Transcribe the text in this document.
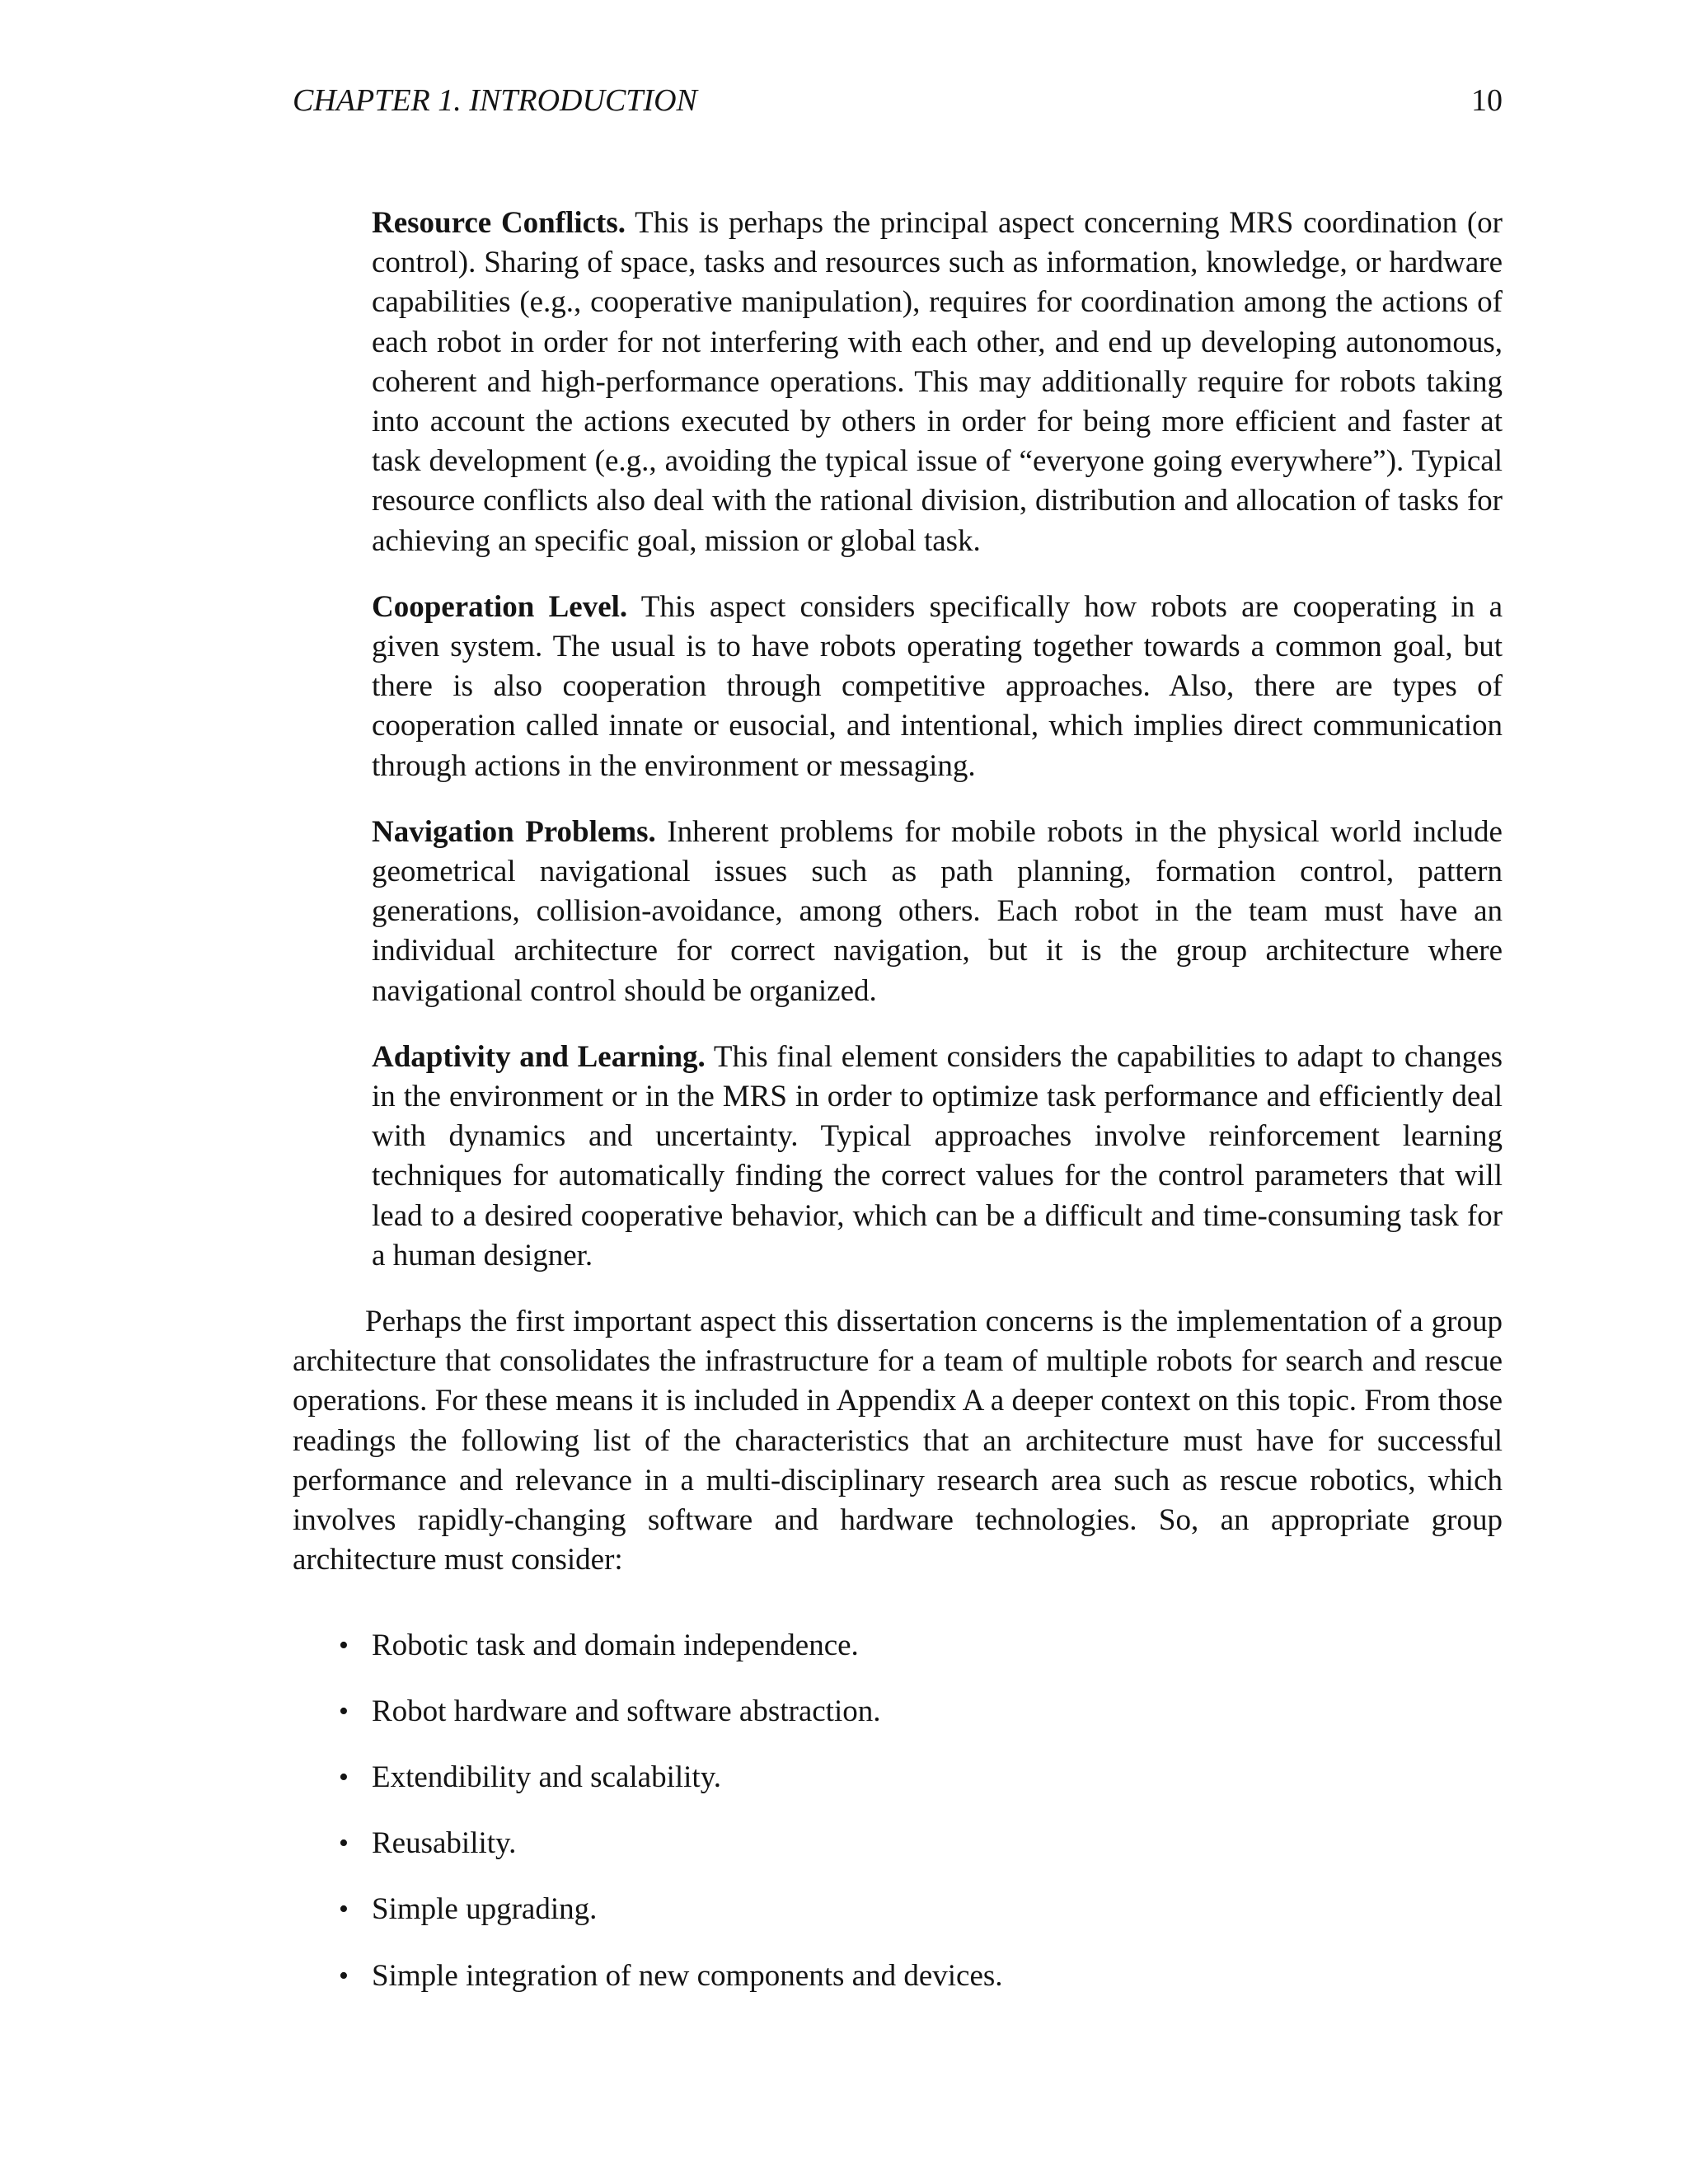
CHAPTER 1. INTRODUCTION	10
Resource Conflicts. This is perhaps the principal aspect concerning MRS coordination (or control). Sharing of space, tasks and resources such as information, knowledge, or hardware capabilities (e.g., cooperative manipulation), requires for coordination among the actions of each robot in order for not interfering with each other, and end up developing autonomous, coherent and high-performance operations. This may additionally require for robots taking into account the actions executed by others in order for being more efficient and faster at task development (e.g., avoiding the typical issue of “everyone going everywhere”). Typical resource conflicts also deal with the rational division, distribution and allocation of tasks for achieving an specific goal, mission or global task.
Cooperation Level. This aspect considers specifically how robots are cooperating in a given system. The usual is to have robots operating together towards a common goal, but there is also cooperation through competitive approaches. Also, there are types of cooperation called innate or eusocial, and intentional, which implies direct communication through actions in the environment or messaging.
Navigation Problems. Inherent problems for mobile robots in the physical world include geometrical navigational issues such as path planning, formation control, pattern generations, collision-avoidance, among others. Each robot in the team must have an individual architecture for correct navigation, but it is the group architecture where navigational control should be organized.
Adaptivity and Learning. This final element considers the capabilities to adapt to changes in the environment or in the MRS in order to optimize task performance and efficiently deal with dynamics and uncertainty. Typical approaches involve reinforcement learning techniques for automatically finding the correct values for the control parameters that will lead to a desired cooperative behavior, which can be a difficult and time-consuming task for a human designer.

Perhaps the first important aspect this dissertation concerns is the implementation of a group architecture that consolidates the infrastructure for a team of multiple robots for search and rescue operations. For these means it is included in Appendix A a deeper context on this topic. From those readings the following list of the characteristics that an architecture must have for successful performance and relevance in a multi-disciplinary research area such as rescue robotics, which involves rapidly-changing software and hardware technologies. So, an appropriate group architecture must consider:

• Robotic task and domain independence.
• Robot hardware and software abstraction.
• Extendibility and scalability.
• Reusability.
• Simple upgrading.
• Simple integration of new components and devices.
